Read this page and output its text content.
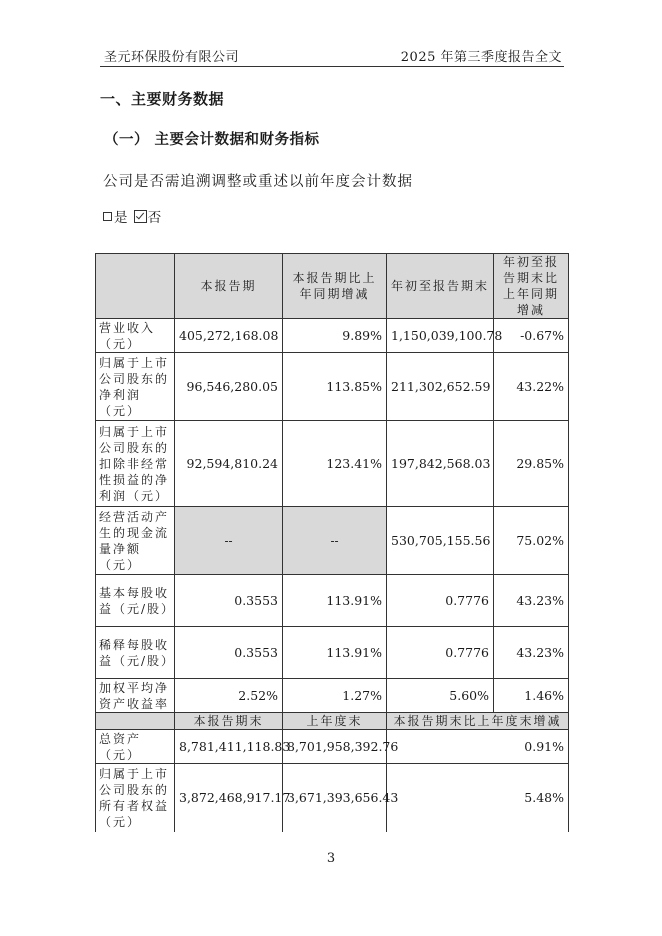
圣元环保股份有限公司	2025 年第三季度报告全文
一、主要财务数据
（一） 主要会计数据和财务指标
公司是否需追溯调整或重述以前年度会计数据
是 否
	本报告期	本报告期比上年同期增减	年初至报告期末	年初至报告期末比上年同期增减
营业收入（元）	405,272,168.08	9.89%	1,150,039,100.78	-0.67%
归属于上市公司股东的净利润（元）	96,546,280.05	113.85%	211,302,652.59	43.22%
归属于上市公司股东的扣除非经常性损益的净利润（元）	92,594,810.24	123.41%	197,842,568.03	29.85%
经营活动产生的现金流量净额（元）	--	--	530,705,155.56	75.02%
基本每股收益（元/股）	0.3553	113.91%	0.7776	43.23%
稀释每股收益（元/股）	0.3553	113.91%	0.7776	43.23%
加权平均净资产收益率	2.52%	1.27%	5.60%	1.46%
	本报告期末	上年度末	本报告期末比上年度末增减	
总资产（元）	8,781,411,118.83	8,701,958,392.76	0.91%	
归属于上市公司股东的所有者权益（元）	3,872,468,917.17	3,671,393,656.43	5.48%	
3
